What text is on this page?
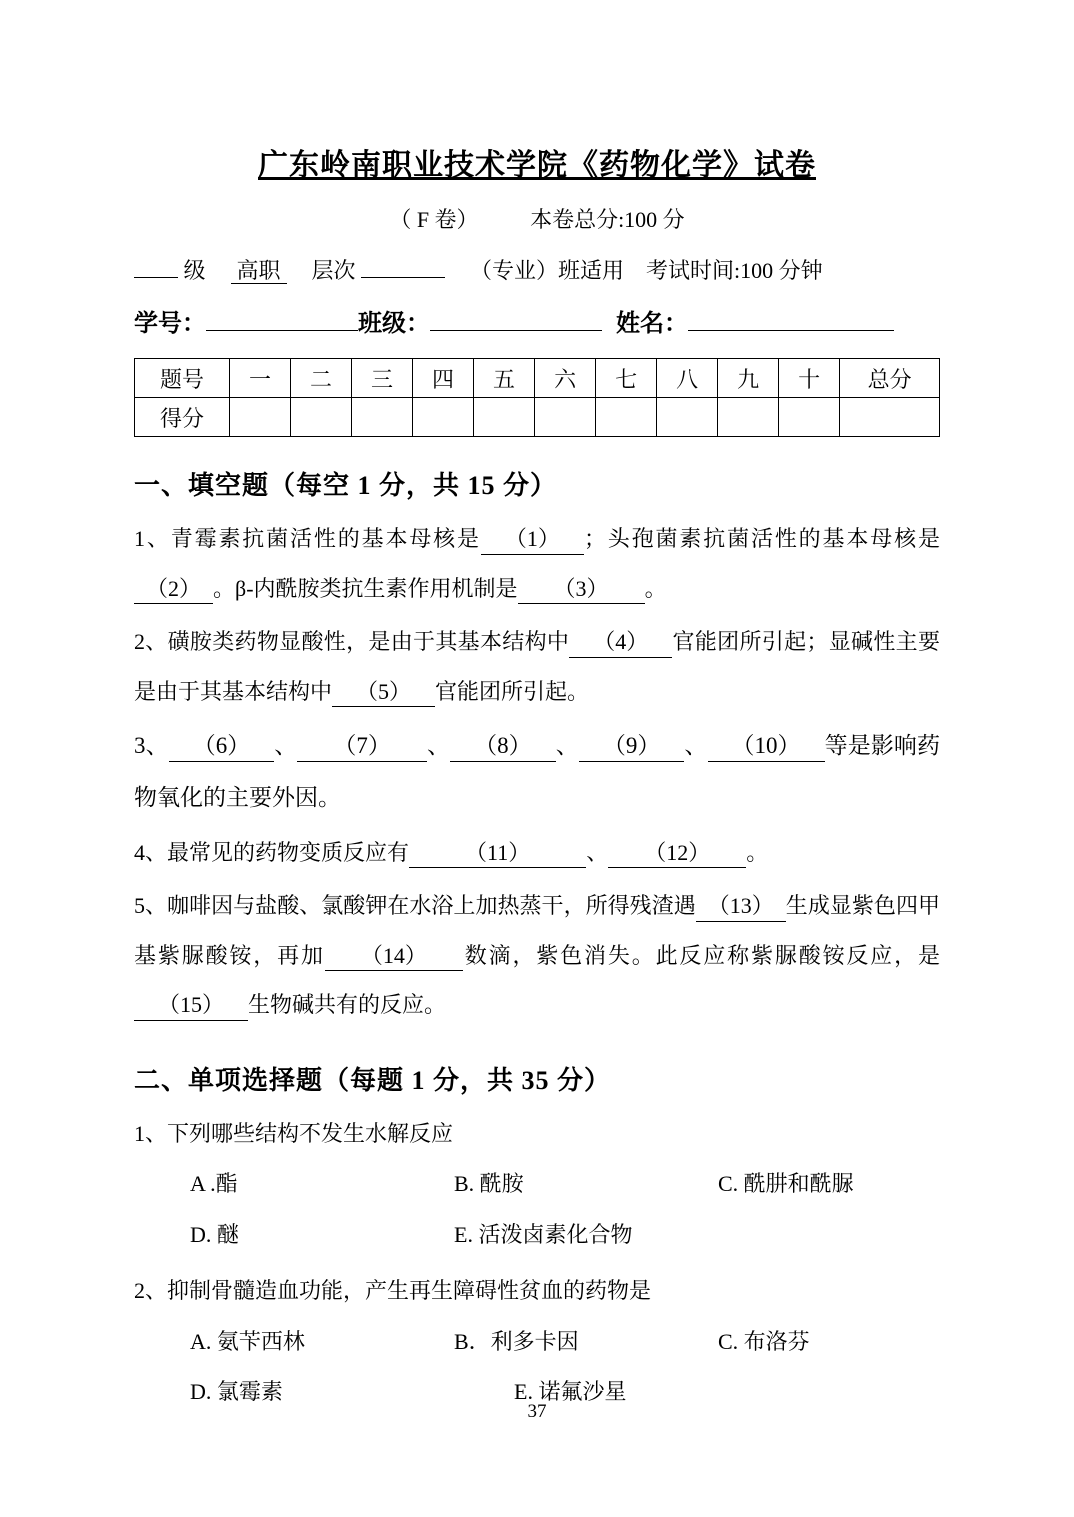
广东岭南职业技术学院《药物化学》试卷
（ F 卷） 本卷总分:100 分
级 高职 层次	（专业）班适用　考试时间:100 分钟
学号：	班级：	姓名：
题号	一	二	三	四	五	六	七	八	九	十	总分
得分											
一、填空题（每空 1 分，共 15 分）

1、青霉素抗菌活性的基本母核是 （1） ；头孢菌素抗菌活性的基本母核是（2） 。β-内酰胺类抗生素作用机制是 （3） 。

2、磺胺类药物显酸性，是由于其基本结构中 （4） 官能团所引起；显碱性主要是由于其基本结构中 （5） 官能团所引起。

3、 （6） 、 （7） 、 （8） 、 （9） 、 （10） 等是影响药物氧化的主要外因。

4、最常见的药物变质反应有	（11）	、 （12） 。

5、咖啡因与盐酸、氯酸钾在水浴上加热蒸干，所得残渣遇 （13） 生成显紫色四甲基紫脲酸铵，再加 （14） 数滴，紫色消失。此反应称紫脲酸铵反应，是（15） 生物碱共有的反应。

二、单项选择题（每题 1 分，共 35 分）

1、下列哪些结构不发生水解反应

A .酯	B. 酰胺	C. 酰肼和酰脲
D. 醚	E. 活泼卤素化合物

2、抑制骨髓造血功能，产生再生障碍性贫血的药物是

A. 氨苄西林	B．利多卡因	C. 布洛芬
D. 氯霉素	E. 诺氟沙星
37
